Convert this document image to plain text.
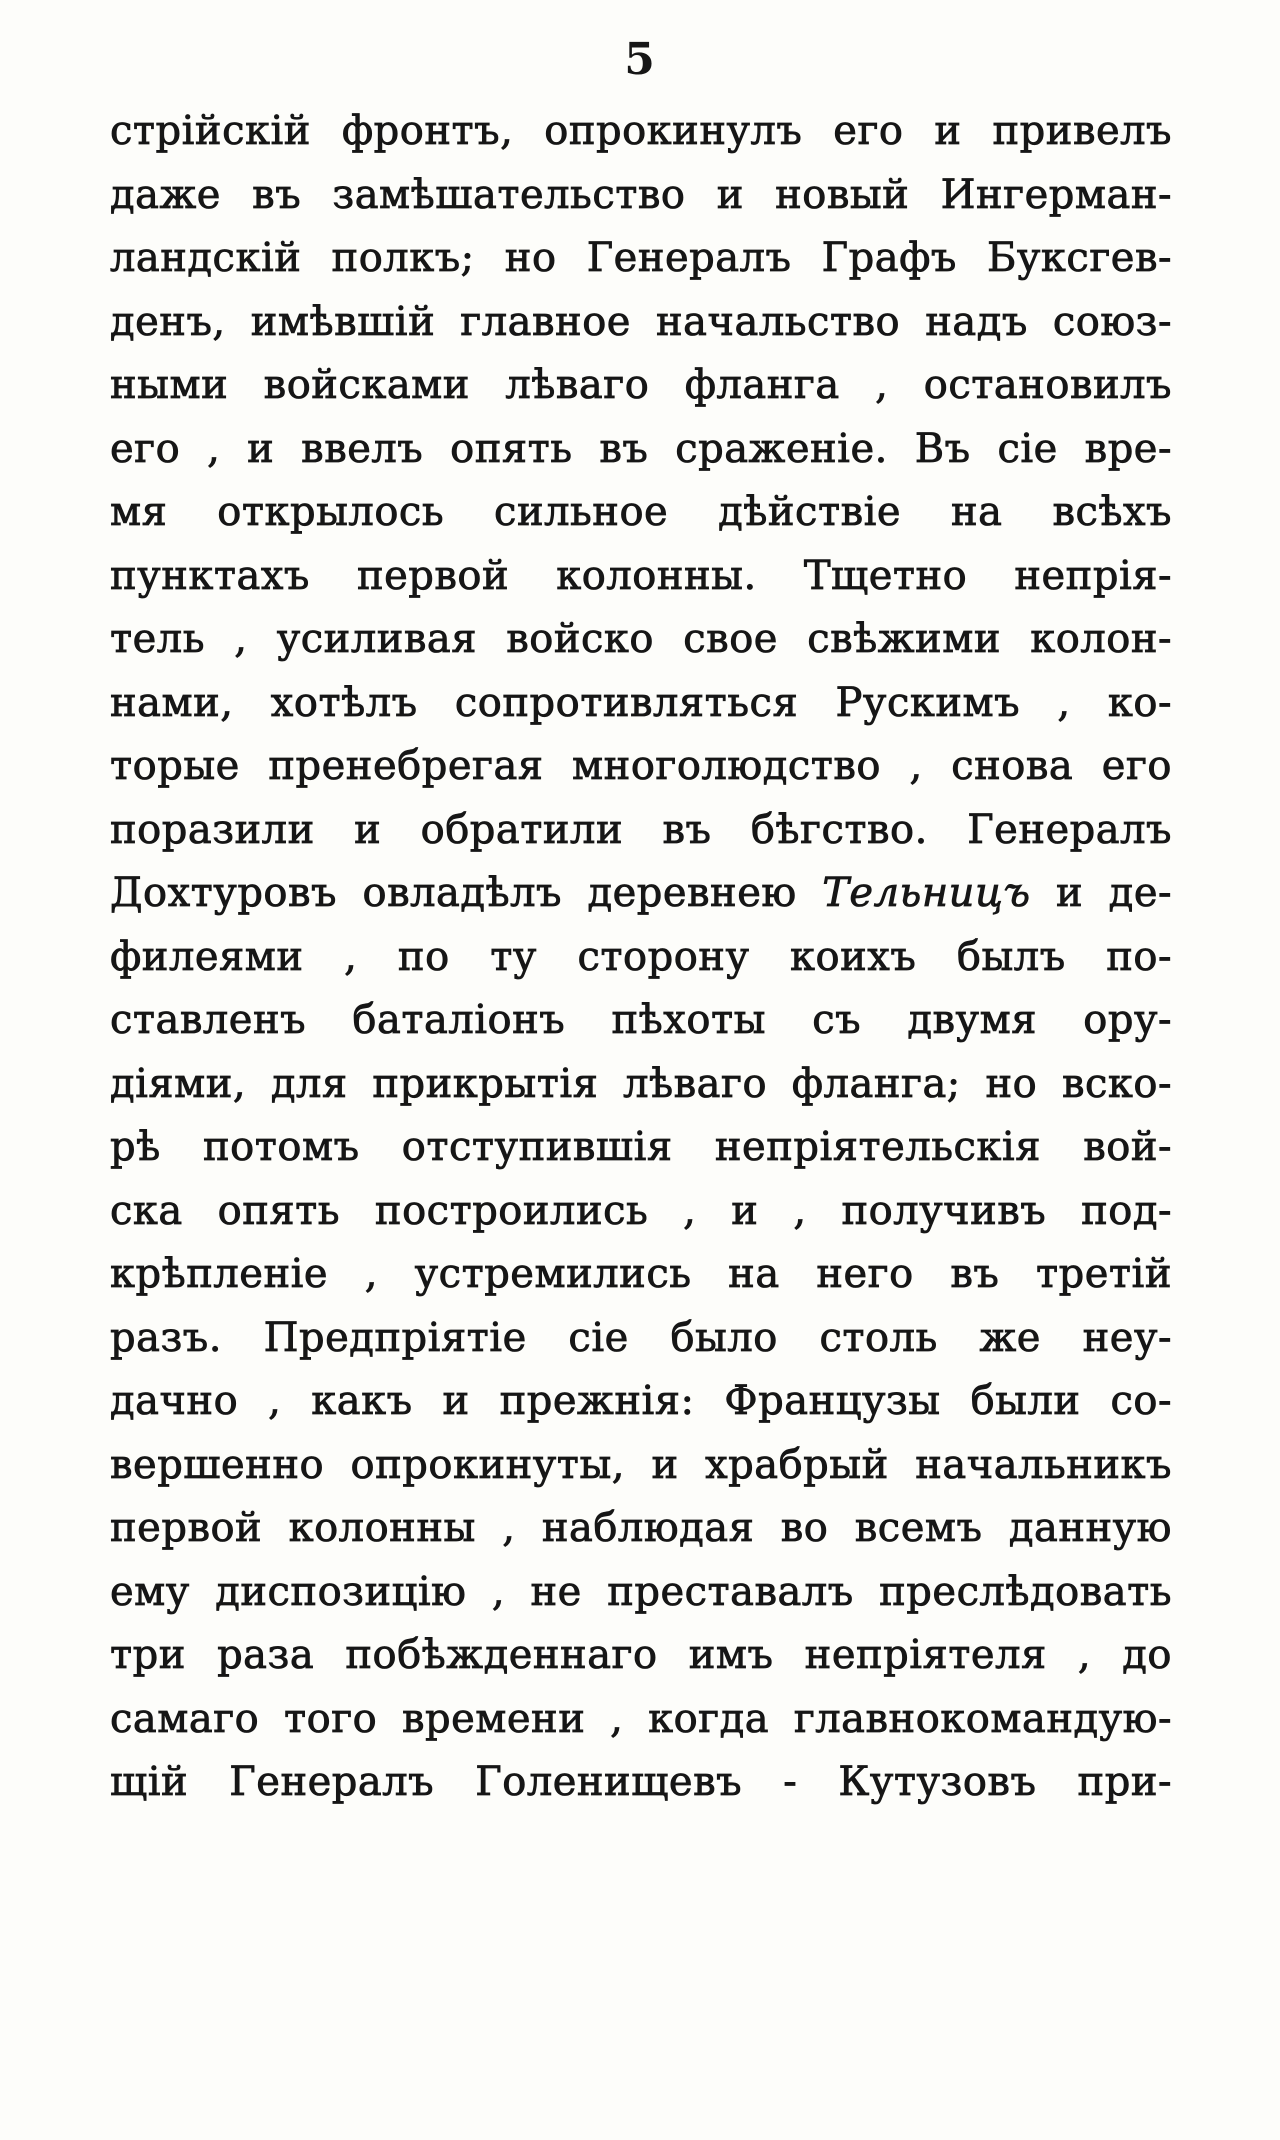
5
стрійскій фронтъ, опрокинулъ его и привелъ
даже въ замѣшательство и новый Ингерман-
ландскій полкъ; но Генералъ Графъ Буксгев-
денъ, имѣвшій главное начальство надъ союз-
ными войсками лѣваго фланга , остановилъ
его , и ввелъ опять въ сраженіе. Въ сіе вре-
мя открылось сильное дѣйствіе на всѣхъ
пунктахъ первой колонны. Тщетно непрія-
тель , усиливая войско свое свѣжими колон-
нами, хотѣлъ сопротивляться Рускимъ , ко-
торые пренебрегая многолюдство , снова его
поразили и обратили въ бѣгство. Генералъ
Дохтуровъ овладѣлъ деревнею Тельницъ и де-
филеями , по ту сторону коихъ былъ по-
ставленъ баталіонъ пѣхоты съ двумя ору-
діями, для прикрытія лѣваго фланга; но вско-
рѣ потомъ отступившія непріятельскія вой-
ска опять построились , и , получивъ под-
крѣпленіе , устремились на него въ третій
разъ. Предпріятіе сіе было столь же неу-
дачно , какъ и прежнія: Французы были со-
вершенно опрокинуты, и храбрый начальникъ
первой колонны , наблюдая во всемъ данную
ему диспозицію , не преставалъ преслѣдовать
три раза побѣжденнаго имъ непріятеля , до
самаго того времени , когда главнокомандую-
щій Генералъ Голенищевъ - Кутузовъ при-
